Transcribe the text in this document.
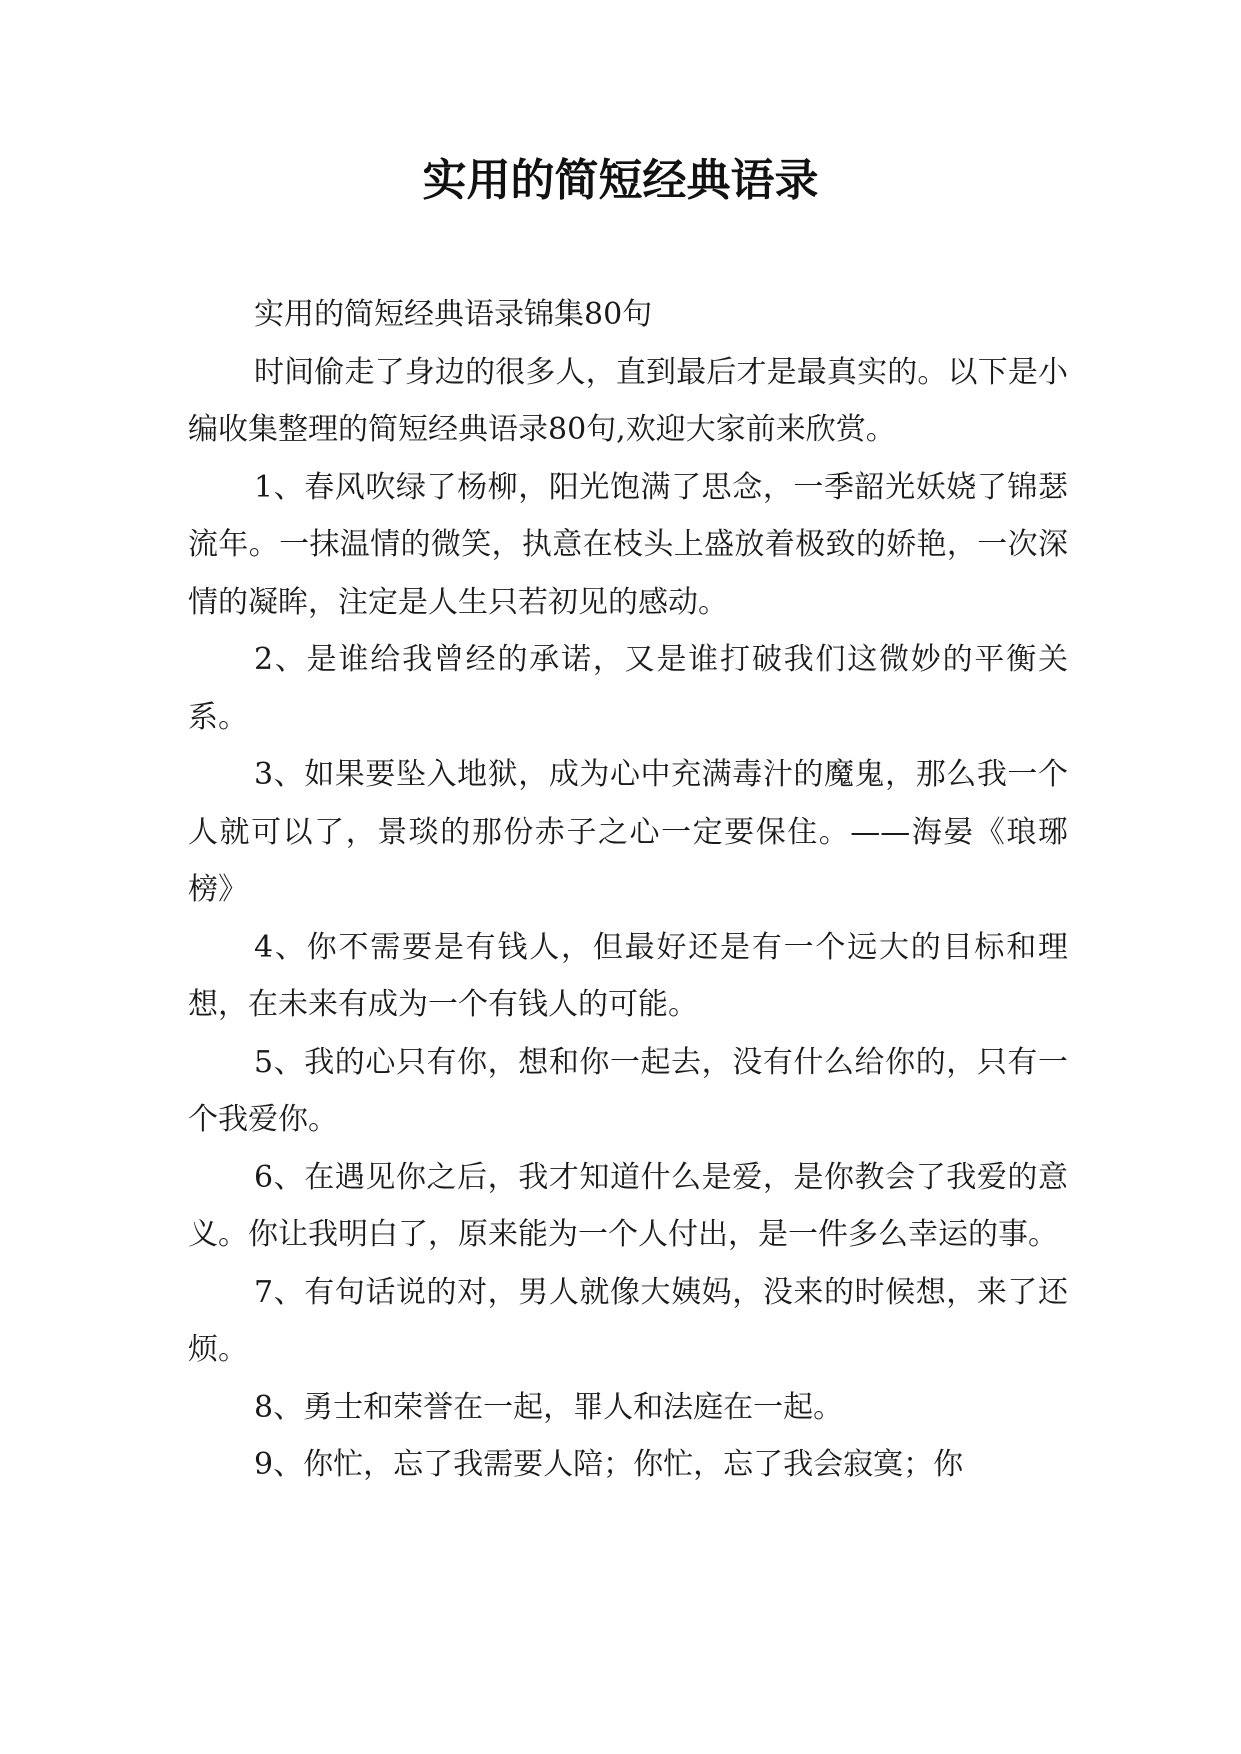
实用的简短经典语录

实用的简短经典语录锦集80句

时间偷走了身边的很多人，直到最后才是最真实的。以下是小编收集整理的简短经典语录80句,欢迎大家前来欣赏。

1、春风吹绿了杨柳，阳光饱满了思念，一季韶光妖娆了锦瑟流年。一抹温情的微笑，执意在枝头上盛放着极致的娇艳，一次深情的凝眸，注定是人生只若初见的感动。

2、是谁给我曾经的承诺，又是谁打破我们这微妙的平衡关系。

3、如果要坠入地狱，成为心中充满毒汁的魔鬼，那么我一个人就可以了，景琰的那份赤子之心一定要保住。——海晏《琅琊榜》

4、你不需要是有钱人，但最好还是有一个远大的目标和理想，在未来有成为一个有钱人的可能。

5、我的心只有你，想和你一起去，没有什么给你的，只有一个我爱你。

6、在遇见你之后，我才知道什么是爱，是你教会了我爱的意义。你让我明白了，原来能为一个人付出，是一件多么幸运的事。

7、有句话说的对，男人就像大姨妈，没来的时候想，来了还烦。

8、勇士和荣誉在一起，罪人和法庭在一起。

9、你忙，忘了我需要人陪；你忙，忘了我会寂寞；你
